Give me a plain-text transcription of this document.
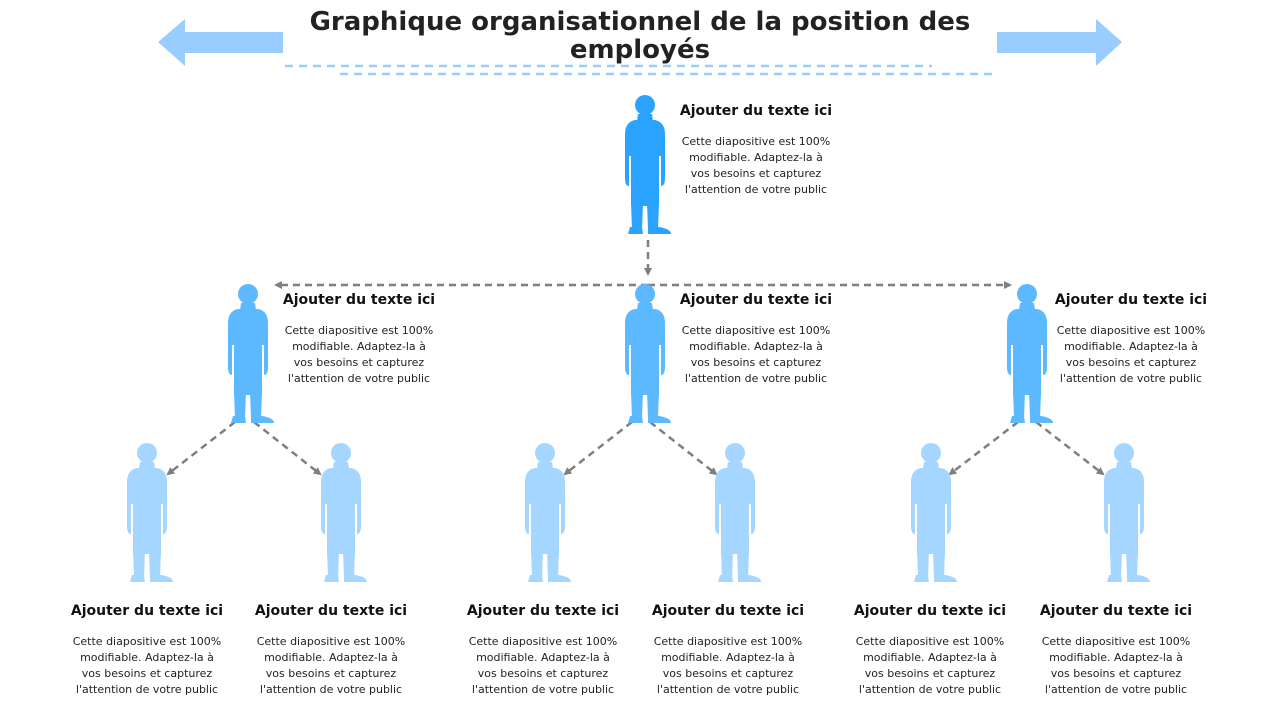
Graphique organisationnel de la position des employés

Ajouter du texte ici

Cette diapositive est 100%

modifiable. Adaptez-la à

vos besoins et capturez

l'attention de votre public

Ajouter du texte ici

Cette diapositive est 100%

modifiable. Adaptez-la à

vos besoins et capturez

l'attention de votre public

Ajouter du texte ici

Cette diapositive est 100%

modifiable. Adaptez-la à

vos besoins et capturez

l'attention de votre public

Ajouter du texte ici

Cette diapositive est 100%

modifiable. Adaptez-la à

vos besoins et capturez

l'attention de votre public

Ajouter du texte ici

Cette diapositive est 100%

modifiable. Adaptez-la à

vos besoins et capturez

l'attention de votre public

Ajouter du texte ici

Cette diapositive est 100%

modifiable. Adaptez-la à

vos besoins et capturez

l'attention de votre public

Ajouter du texte ici

Cette diapositive est 100%

modifiable. Adaptez-la à

vos besoins et capturez

l'attention de votre public

Ajouter du texte ici

Cette diapositive est 100%

modifiable. Adaptez-la à

vos besoins et capturez

l'attention de votre public

Ajouter du texte ici

Cette diapositive est 100%

modifiable. Adaptez-la à

vos besoins et capturez

l'attention de votre public

Ajouter du texte ici

Cette diapositive est 100%

modifiable. Adaptez-la à

vos besoins et capturez

l'attention de votre public
